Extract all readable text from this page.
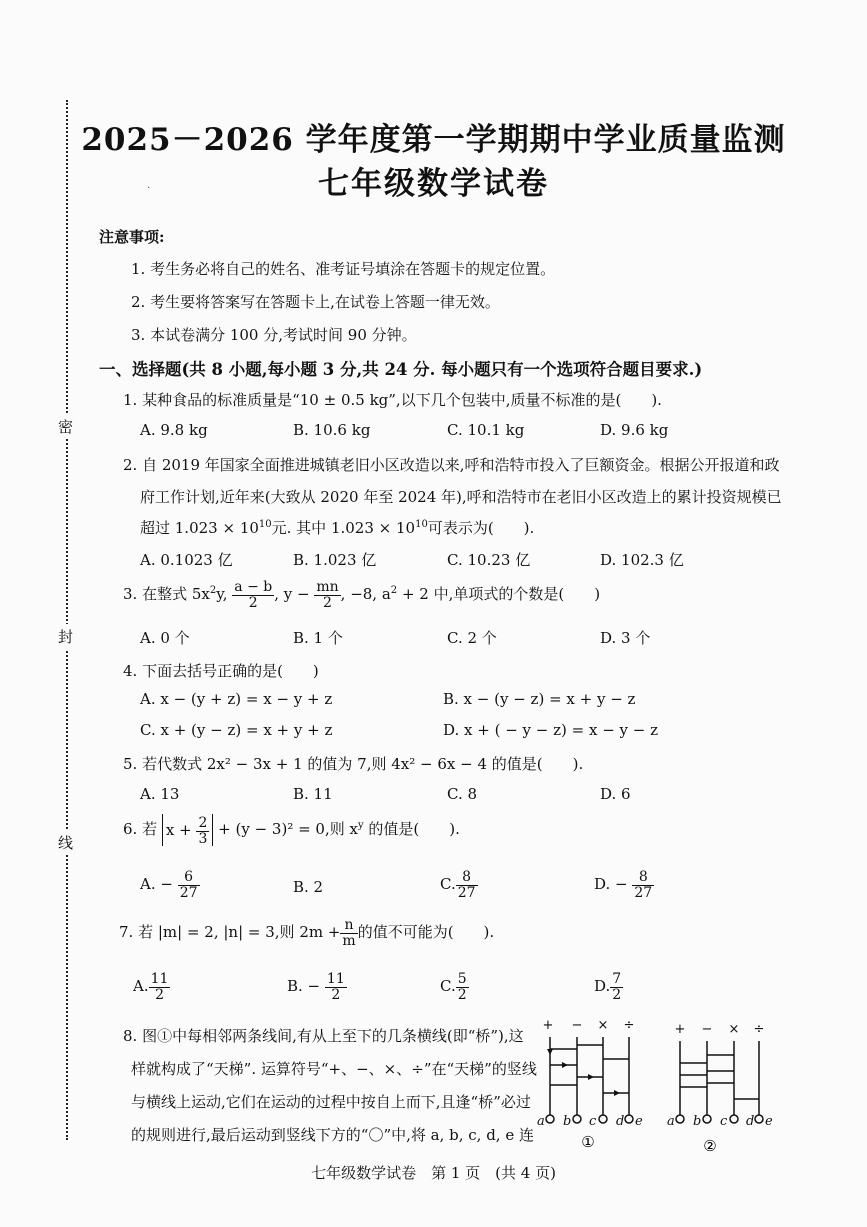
密
封
线
2025－2026 学年度第一学期期中学业质量监测
七年级数学试卷
·
注意事项:
1. 考生务必将自己的姓名、准考证号填涂在答题卡的规定位置。
2. 考生要将答案写在答题卡上,在试卷上答题一律无效。
3. 本试卷满分 100 分,考试时间 90 分钟。
一、选择题(共 8 小题,每小题 3 分,共 24 分. 每小题只有一个选项符合题目要求.)
1. 某种食品的标准质量是“10 ± 0.5 kg”,以下几个包装中,质量不标准的是(　　).
A. 9.8 kg	B. 10.6 kg	C. 10.1 kg	D. 9.6 kg
2. 自 2019 年国家全面推进城镇老旧小区改造以来,呼和浩特市投入了巨额资金。根据公开报道和政
府工作计划,近年来(大致从 2020 年至 2024 年),呼和浩特市在老旧小区改造上的累计投资规模已
超过 $1.023 \times 10^{10}$元. 其中 $1.023 \times 10^{10}$可表示为(　　).
A. 0.1023 亿	B. 1.023 亿	C. 10.23 亿	D. 102.3 亿
3. 在整式 $5x^2y$, $\frac{a - b}{2}$ , $y - \frac{mn}{2}$ , −8, $a^2 + 2$ 中,单项式的个数是(　　)
A. 0 个	B. 1 个	C. 2 个	D. 3 个
4. 下面去括号正确的是(　　)
A. x − (y + z) = x − y + z	B. x − (y − z) = x + y − z
C. x + (y − z) = x + y + z	D. x + ( − y − z) = x − y − z
5. 若代数式 2x² − 3x + 1 的值为 7,则 4x² − 6x − 4 的值是(　　).
A. 13	B. 11	C. 8	D. 6
6. 若 $x + \frac{2}{3} + (y - 3)^2 = 0$,则 $x^y$ 的值是(　　).
A. − $\frac{6}{27}$	B. 2	C. $\frac{8}{27}$	D. − $\frac{8}{27}$
7. 若 |m| = 2, |n| = 3,则 $2m + \frac{n}{m}$ 的值不可能为(　　).
A. $\frac{11}{2}$	B. − $\frac{11}{2}$	C. $\frac{5}{2}$	D. $\frac{7}{2}$
8. 图①中每相邻两条线间,有从上至下的几条横线(即“桥”),这
样就构成了“天梯”. 运算符号“+、−、×、÷”在“天梯”的竖线
与横线上运动,它们在运动的过程中按自上而下,且逢“桥”必过
的规则进行,最后运动到竖线下方的“〇”中,将 a, b, c, d, e 连
+ − × ÷
a b c d e
①
+ − × ÷
a b c d e
②
七年级数学试卷　第 1 页　(共 4 页)
